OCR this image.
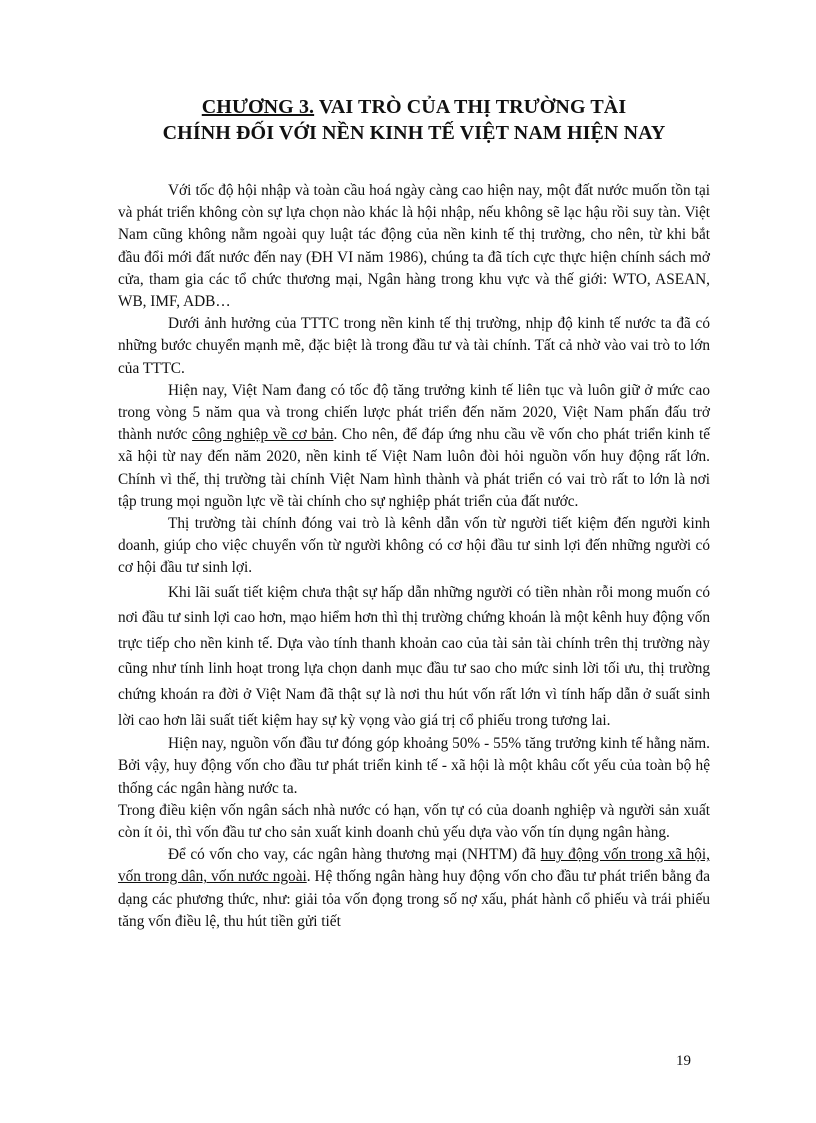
CHƯƠNG 3. VAI TRÒ CỦA THỊ TRƯỜNG TÀI
CHÍNH ĐỐI VỚI NỀN KINH TẾ VIỆT NAM HIỆN NAY

Với tốc độ hội nhập và toàn cầu hoá ngày càng cao hiện nay, một đất nước muốn tồn tại và phát triển không còn sự lựa chọn nào khác là hội nhập, nếu không sẽ lạc hậu rồi suy tàn. Việt Nam cũng không nằm ngoài quy luật tác động của nền kinh tế thị trường, cho nên, từ khi bắt đầu đổi mới đất nước đến nay (ĐH VI năm 1986), chúng ta đã tích cực thực hiện chính sách mở cửa, tham gia các tổ chức thương mại, Ngân hàng trong khu vực và thế giới: WTO, ASEAN, WB, IMF, ADB…

Dưới ảnh hưởng của TTTC trong nền kinh tế thị trường, nhịp độ kinh tế nước ta đã có những bước chuyển mạnh mẽ, đặc biệt là trong đầu tư và tài chính. Tất cả nhờ vào vai trò to lớn của TTTC.

Hiện nay, Việt Nam đang có tốc độ tăng trưởng kinh tế liên tục và luôn giữ ở mức cao trong vòng 5 năm qua và trong chiến lược phát triển đến năm 2020, Việt Nam phấn đấu trở thành nước công nghiệp về cơ bản. Cho nên, để đáp ứng nhu cầu về vốn cho phát triển kinh tế xã hội từ nay đến năm 2020, nền kinh tế Việt Nam luôn đòi hỏi nguồn vốn huy động rất lớn. Chính vì thế, thị trường tài chính Việt Nam hình thành và phát triển có vai trò rất to lớn là nơi tập trung mọi nguồn lực về tài chính cho sự nghiệp phát triển của đất nước.

Thị trường tài chính đóng vai trò là kênh dẫn vốn từ người tiết kiệm đến người kinh doanh, giúp cho việc chuyển vốn từ người không có cơ hội đầu tư sinh lợi đến những người có cơ hội đầu tư sinh lợi.

Khi lãi suất tiết kiệm chưa thật sự hấp dẫn những người có tiền nhàn rỗi mong muốn có nơi đầu tư sinh lợi cao hơn, mạo hiểm hơn thì thị trường chứng khoán là một kênh huy động vốn trực tiếp cho nền kinh tế. Dựa vào tính thanh khoản cao của tài sản tài chính trên thị trường này cũng như tính linh hoạt trong lựa chọn danh mục đầu tư sao cho mức sinh lời tối ưu, thị trường chứng khoán ra đời ở Việt Nam đã thật sự là nơi thu hút vốn rất lớn vì tính hấp dẫn ở suất sinh lời cao hơn lãi suất tiết kiệm hay sự kỳ vọng vào giá trị cổ phiếu trong tương lai.

Hiện nay, nguồn vốn đầu tư đóng góp khoảng 50% - 55% tăng trưởng kinh tế hằng năm. Bởi vậy, huy động vốn cho đầu tư phát triển kinh tế - xã hội là một khâu cốt yếu của toàn bộ hệ thống các ngân hàng nước ta.

Trong điều kiện vốn ngân sách nhà nước có hạn, vốn tự có của doanh nghiệp và người sản xuất còn ít ỏi, thì vốn đầu tư cho sản xuất kinh doanh chủ yếu dựa vào vốn tín dụng ngân hàng.

Để có vốn cho vay, các ngân hàng thương mại (NHTM) đã huy động vốn trong xã hội, vốn trong dân, vốn nước ngoài. Hệ thống ngân hàng huy động vốn cho đầu tư phát triển bằng đa dạng các phương thức, như: giải tỏa vốn đọng trong số nợ xấu, phát hành cổ phiếu và trái phiếu tăng vốn điều lệ, thu hút tiền gửi tiết

19
